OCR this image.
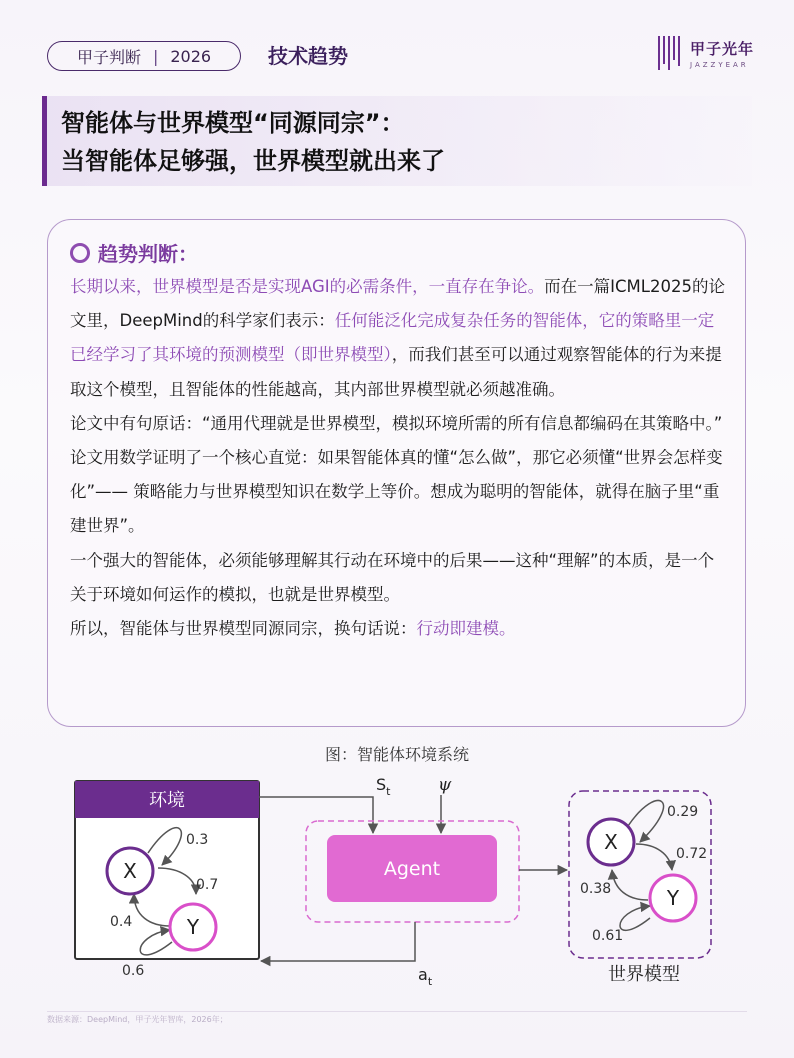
甲子判断 | 2026	技术趋势	甲子光年
JAZZYEAR
智能体与世界模型“同源同宗”：
当智能体足够强，世界模型就出来了
趋势判断：

长期以来，世界模型是否是实现AGI的必需条件，一直存在争论。而在一篇ICML2025的论文里，DeepMind的科学家们表示：任何能泛化完成复杂任务的智能体，它的策略里一定已经学习了其环境的预测模型（即世界模型），而我们甚至可以通过观察智能体的行为来提取这个模型，且智能体的性能越高，其内部世界模型就必须越准确。

论文中有句原话：“通用代理就是世界模型，模拟环境所需的所有信息都编码在其策略中。”

论文用数学证明了一个核心直觉：如果智能体真的懂“怎么做”，那它必须懂“世界会怎样变化”—— 策略能力与世界模型知识在数学上等价。想成为聪明的智能体，就得在脑子里“重建世界”。

一个强大的智能体，必须能够理解其行动在环境中的后果——这种“理解”的本质，是一个关于环境如何运作的模拟，也就是世界模型。

所以，智能体与世界模型同源同宗，换句话说：行动即建模。

图：智能体环境系统
环境
X
Y
0.3
0.7
0.4
0.6
$S_t$	ψ
Agent
$a_t$
X
Y
0.29
0.72
0.38
0.61
世界模型
数据来源：DeepMind，甲子光年智库，2026年；
